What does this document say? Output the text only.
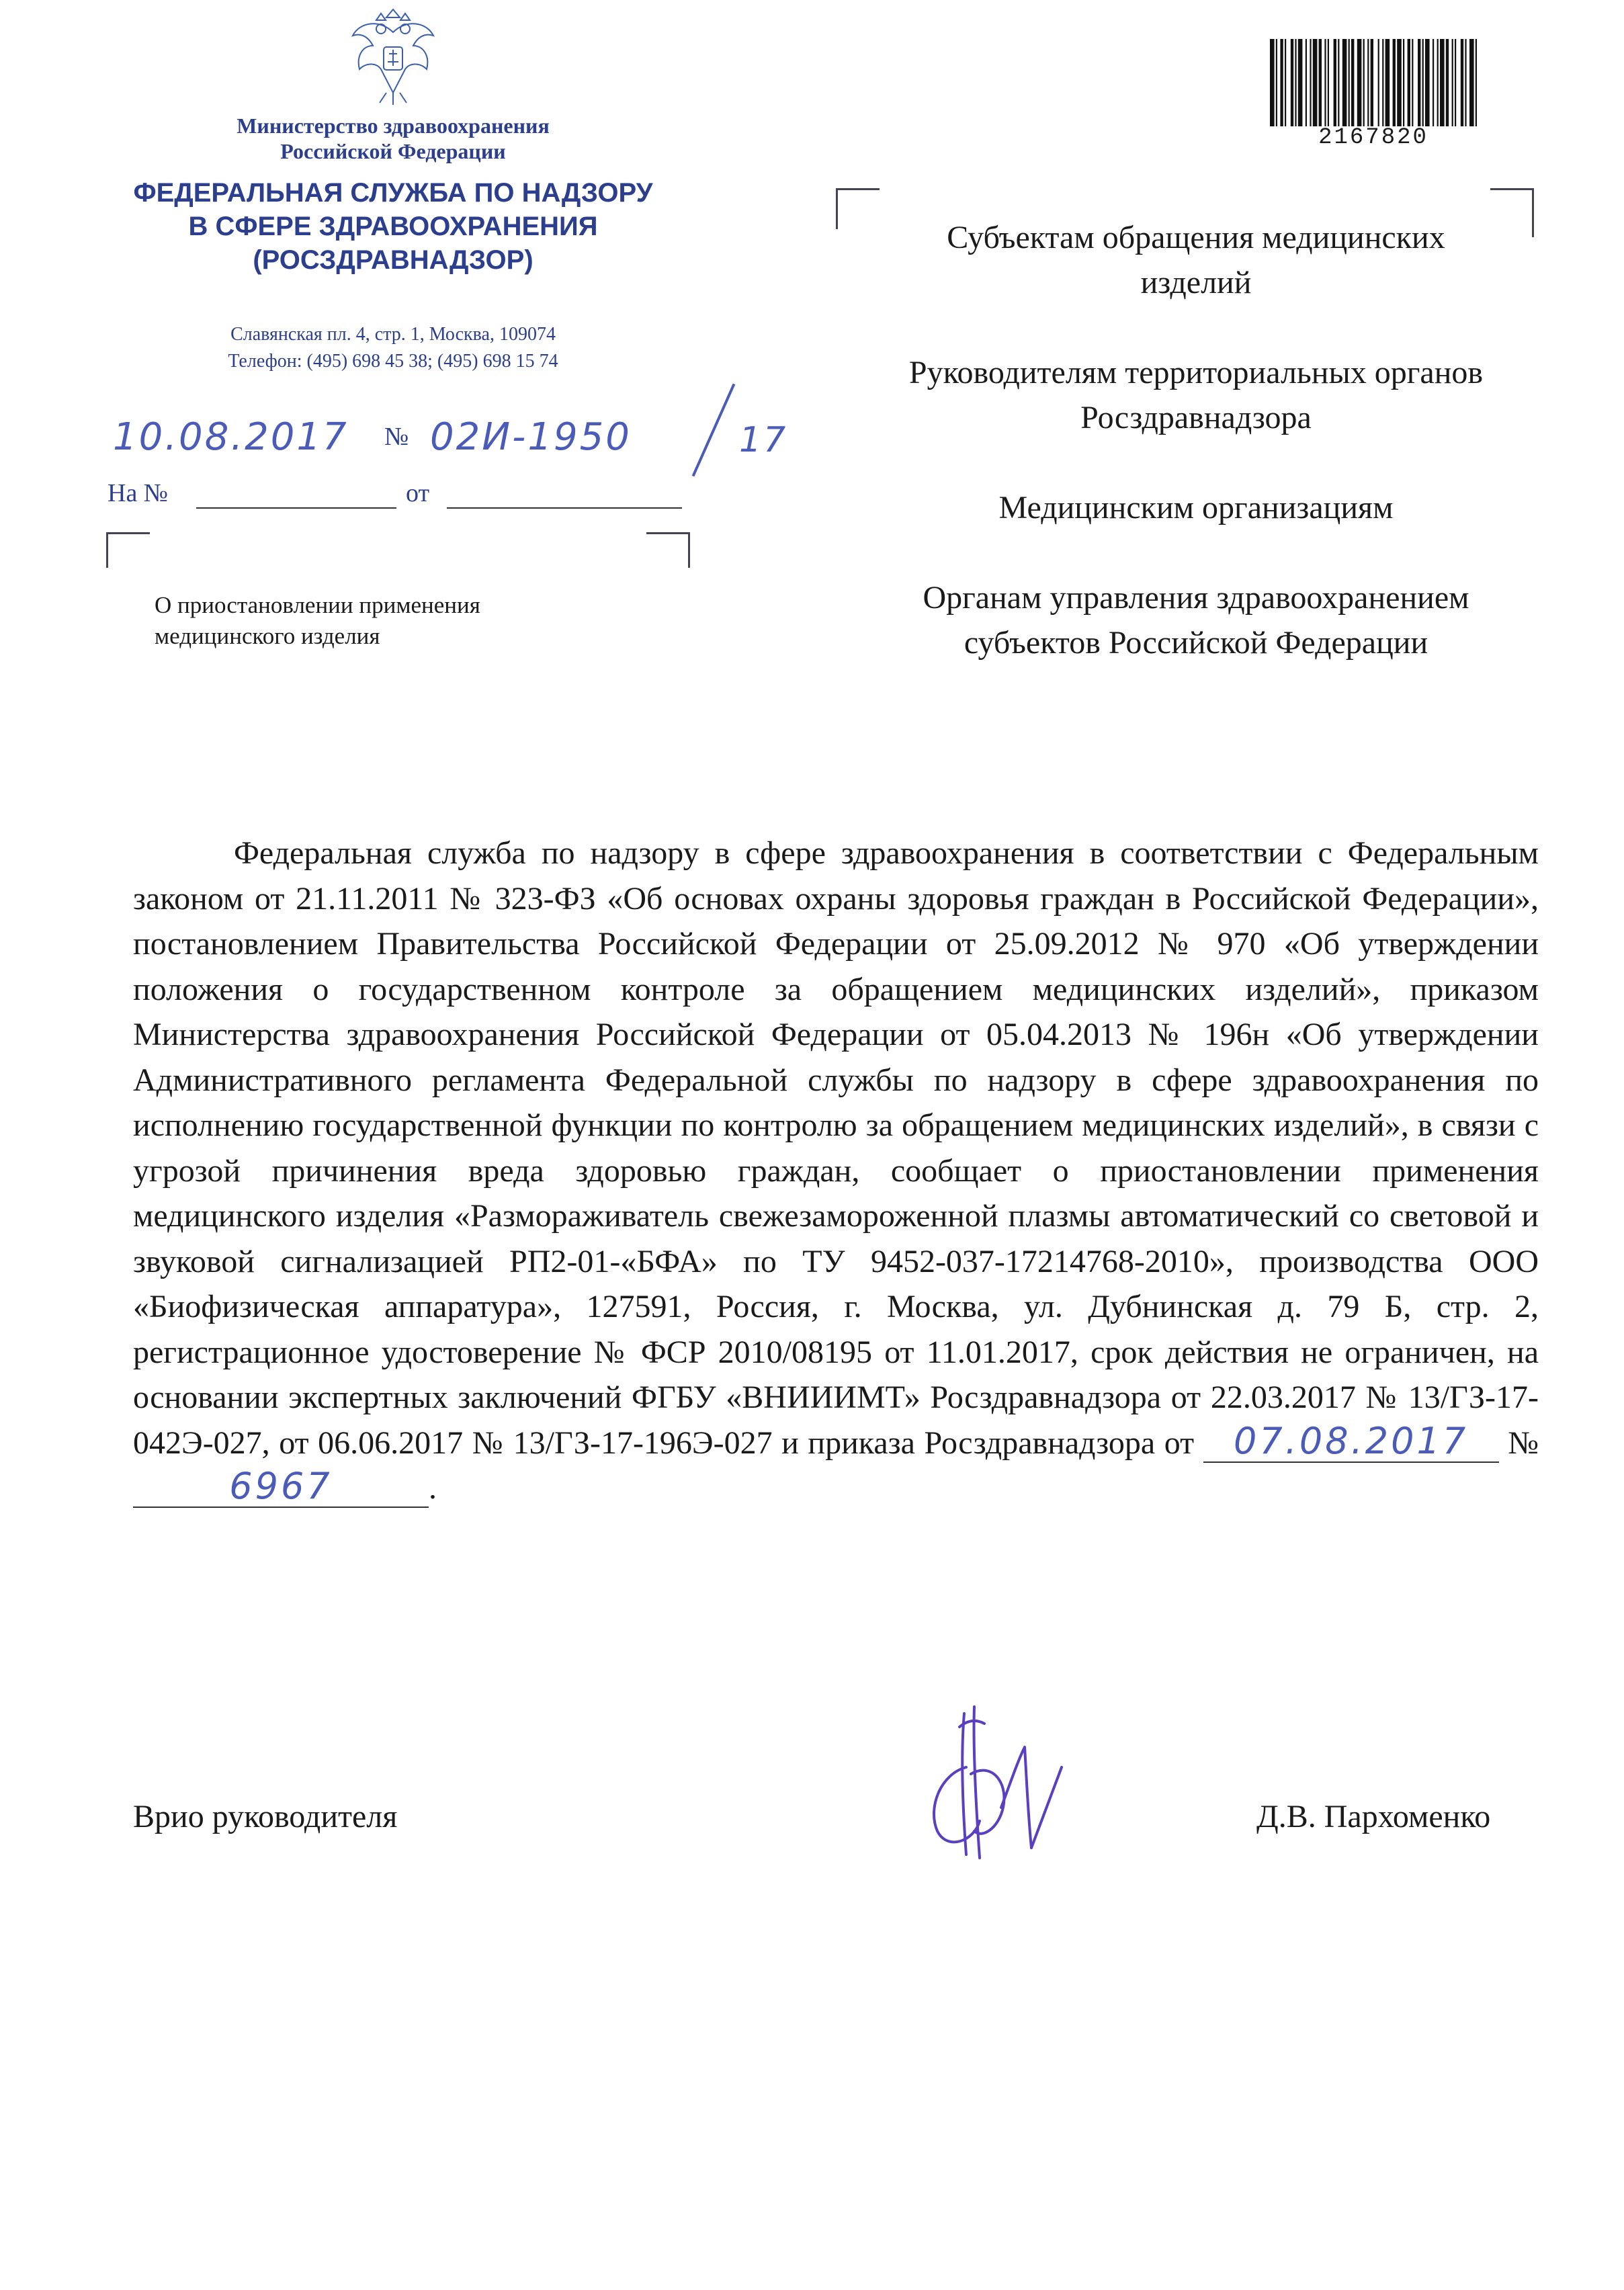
Министерство здравоохранения
Российской Федерации
ФЕДЕРАЛЬНАЯ СЛУЖБА ПО НАДЗОРУ
В СФЕРЕ ЗДРАВООХРАНЕНИЯ
(РОСЗДРАВНАДЗОР)
Славянская пл. 4, стр. 1, Москва, 109074
Телефон: (495) 698 45 38; (495) 698 15 74
10.08.2017 № 02И-1950	17
На №	от
О приостановлении применения
медицинского изделия
2167820

Субъектам обращения медицинских изделий

Руководителям территориальных органов Росздравнадзора

Медицинским организациям

Органам управления здравоохранением субъектов Российской Федерации

Федеральная служба по надзору в сфере здравоохранения в соответствии с Федеральным законом от 21.11.2011 № 323-ФЗ «Об основах охраны здоровья граждан в Российской Федерации», постановлением Правительства Российской Федерации от 25.09.2012 № 970 «Об утверждении положения о государственном контроле за обращением медицинских изделий», приказом Министерства здравоохранения Российской Федерации от 05.04.2013 № 196н «Об утверждении Административного регламента Федеральной службы по надзору в сфере здравоохранения по исполнению государственной функции по контролю за обращением медицинских изделий», в связи с угрозой причинения вреда здоровью граждан, сообщает о приостановлении применения медицинского изделия «Размораживатель свежезамороженной плазмы автоматический со световой и звуковой сигнализацией РП2-01-«БФА» по ТУ 9452-037-17214768-2010», производства ООО «Биофизическая аппаратура», 127591, Россия, г. Москва, ул. Дубнинская д. 79 Б, стр. 2, регистрационное удостоверение № ФСР 2010/08195 от 11.01.2017, срок действия не ограничен, на основании экспертных заключений ФГБУ «ВНИИИМТ» Росздравнадзора от 22.03.2017 № 13/ГЗ-17-042Э-027, от 06.06.2017 № 13/ГЗ-17-196Э-027 и приказа Росздравнадзора от 07.08.2017 № 6967	.

Врио руководителя	Д.В. Пархоменко
